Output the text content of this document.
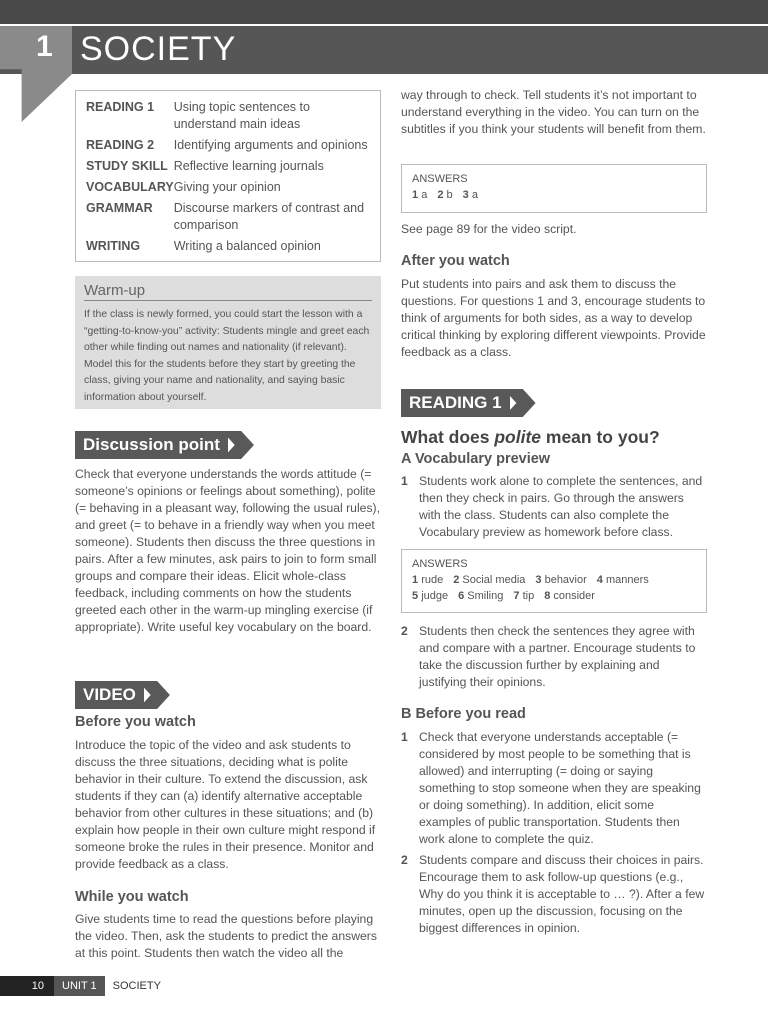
1 SOCIETY
READING 1	Using topic sentences to understand main ideas
READING 2	Identifying arguments and opinions
STUDY SKILL	Reflective learning journals
VOCABULARY	Giving your opinion
GRAMMAR	Discourse markers of contrast and comparison
WRITING	Writing a balanced opinion
Warm-up

If the class is newly formed, you could start the lesson with a “getting-to-know-you” activity: Students mingle and greet each other while finding out names and nationality (if relevant). Model this for the students before they start by greeting the class, giving your name and nationality, and saying basic information about yourself.

Discussion point

Check that everyone understands the words attitude (= someone’s opinions or feelings about something), polite (= behaving in a pleasant way, following the usual rules), and greet (= to behave in a friendly way when you meet someone). Students then discuss the three questions in pairs. After a few minutes, ask pairs to join to form small groups and compare their ideas. Elicit whole-class feedback, including comments on how the students greeted each other in the warm-up mingling exercise (if appropriate). Write useful key vocabulary on the board.

VIDEO
Before you watch

Introduce the topic of the video and ask students to discuss the three situations, deciding what is polite behavior in their culture. To extend the discussion, ask students if they can (a) identify alternative acceptable behavior from other cultures in these situations; and (b) explain how people in their own culture might respond if someone broke the rules in their presence. Monitor and provide feedback as a class.

While you watch

Give students time to read the questions before playing the video. Then, ask the students to predict the answers at this point. Students then watch the video all the

way through to check. Tell students it’s not important to understand everything in the video. You can turn on the subtitles if you think your students will benefit from them.

ANSWERS
1 a 2 b 3 a

See page 89 for the video script.

After you watch

Put students into pairs and ask them to discuss the questions. For questions 1 and 3, encourage students to think of arguments for both sides, as a way to develop critical thinking by exploring different viewpoints. Provide feedback as a class.

READING 1
What does polite mean to you?
A Vocabulary preview
1 Students work alone to complete the sentences, and then they check in pairs. Go through the answers with the class. Students can also complete the Vocabulary preview as homework before class.
ANSWERS
1 rude 2 Social media 3 behavior 4 manners5 judge 6 Smiling 7 tip 8 consider
2 Students then check the sentences they agree with and compare with a partner. Encourage students to take the discussion further by explaining and justifying their opinions.
B Before you read
1 Check that everyone understands acceptable (= considered by most people to be something that is allowed) and interrupting (= doing or saying something to stop someone when they are speaking or doing something). In addition, elicit some examples of public transportation. Students then work alone to complete the quiz.
2 Students compare and discuss their choices in pairs. Encourage them to ask follow-up questions (e.g., Why do you think it is acceptable to … ?). After a few minutes, open up the discussion, focusing on the biggest differences in opinion.
10	UNIT 1	SOCIETY
